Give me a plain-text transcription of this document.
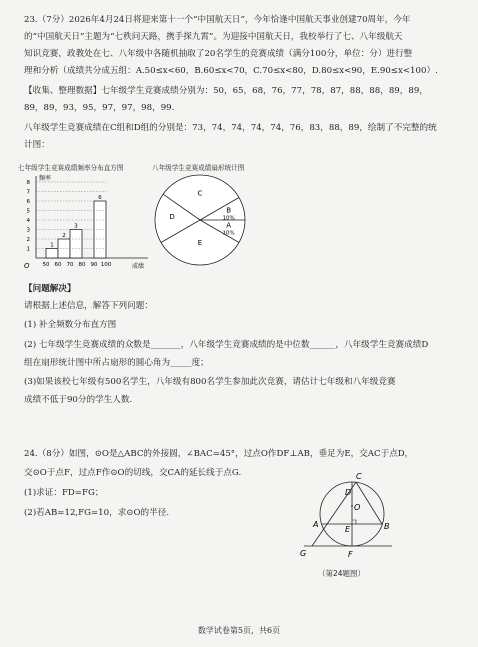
23.（7分）2026年4月24日将迎来第十一个“中国航天日”，今年恰逢中国航天事业创建70周年，今年
的“中国航天日”主题为“七秩问天路，携手探九霄”。为迎接中国航天日，我校举行了七、八年级航天
知识竞赛，政教处在七、八年级中各随机抽取了20名学生的竞赛成绩（满分100分，单位：分）进行整
理和分析（成绩共分成五组：A.50≤x<60，B.60≤x<70，C.70≤x<80，D.80≤x<90，E.90≤x<100）.
【收集、整理数据】七年级学生竞赛成绩分别为：50，65，68，76，77，78，87，88，88，89，89，
89，89，93，95，97，97，98，99.
八年级学生竞赛成绩在C组和D组的分别是：73，74，74，74，74，76，83，88，89，绘制了不完整的统
计图：
七年级学生竞赛成绩频率分布直方图	八年级学生竞赛成绩扇形统计图
频率
成绩
O
1
2
3
6
1
2
3
4
5
6
7
8
50 60 70 80 90 100
B
10%
A
10%
C
D
E
【问题解决】
请根据上述信息，解答下列问题：
(1) 补全频数分布直方图
(2) 七年级学生竞赛成绩的众数是_______，八年级学生竞赛成绩的是中位数______，八年级学生竞赛成绩D
组在扇形统计图中所占扇形的圆心角为_____度；
(3)如果该校七年级有500名学生，八年级有800名学生参加此次竞赛，请估计七年级和八年级竞赛
成绩不低于90分的学生人数.
24.（8分）如图，⊙O是△ABC的外接圆，∠BAC=45°，过点O作DF⊥AB，垂足为E，交AC于点D，
交⊙O于点F，过点F作⊙O的切线，交CA的延长线于点G.
(1)求证：FD=FG；
(2)若AB=12,FG=10，求⊙O的半径.
C
D
O
A
E	B
G	F
（第24题图）
数学试卷第5页，共6页
